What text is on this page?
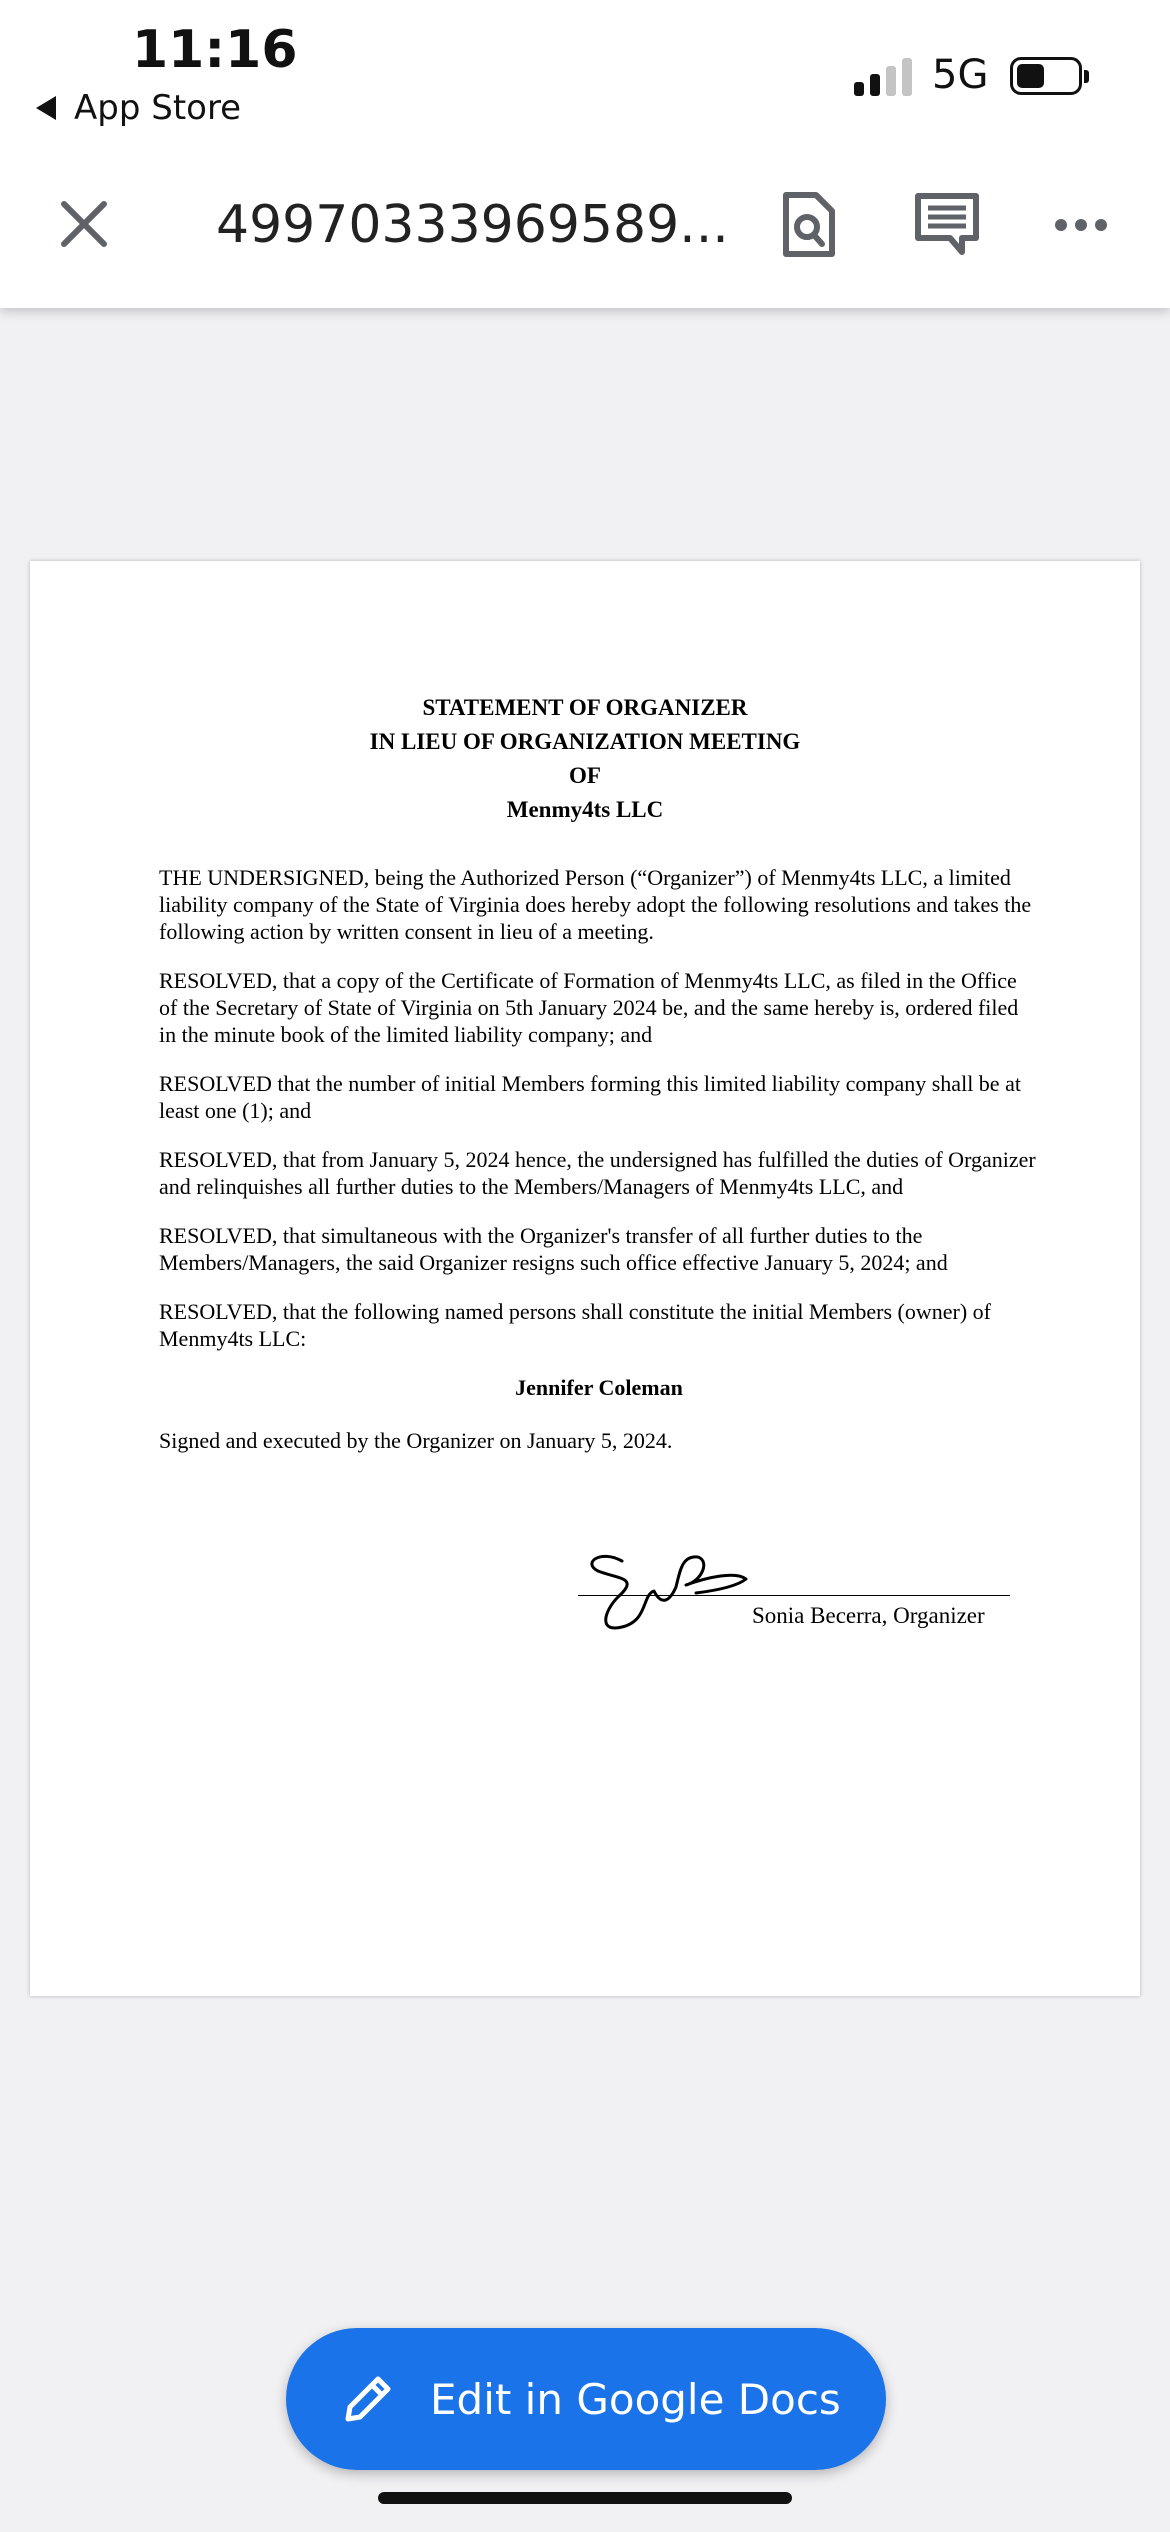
11:16
App Store
5G
49970333969589...
STATEMENT OF ORGANIZER
IN LIEU OF ORGANIZATION MEETING
OF
Menmy4ts LLC

THE UNDERSIGNED, being the Authorized Person (“Organizer”) of Menmy4ts LLC, a limited liability company of the State of Virginia does hereby adopt the following resolutions and takes the following action by written consent in lieu of a meeting.

RESOLVED, that a copy of the Certificate of Formation of Menmy4ts LLC, as filed in the Office of the Secretary of State of Virginia on 5th January 2024 be, and the same hereby is, ordered filed in the minute book of the limited liability company; and

RESOLVED that the number of initial Members forming this limited liability company shall be at least one (1); and

RESOLVED, that from January 5, 2024 hence, the undersigned has fulfilled the duties of Organizer and relinquishes all further duties to the Members/Managers of Menmy4ts LLC, and

RESOLVED, that simultaneous with the Organizer's transfer of all further duties to the Members/Managers, the said Organizer resigns such office effective January 5, 2024; and

RESOLVED, that the following named persons shall constitute the initial Members (owner) of Menmy4ts LLC:

Jennifer Coleman

Signed and executed by the Organizer on January 5, 2024.

Sonia Becerra, Organizer
Edit in Google Docs
